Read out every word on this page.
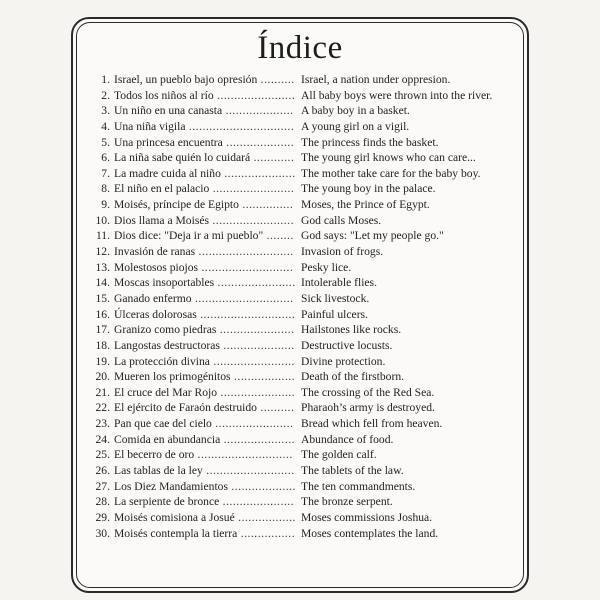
Índice
1. Israel, un pueblo bajo opresión .......... Israel, a nation under oppresion.
2. Todos los niños al río ....................... All baby boys were thrown into the river.
3. Un niño en una canasta .................... A baby boy in a basket.
4. Una niña vigila ............................... A young girl on a vigil.
5. Una princesa encuentra .................... The princess finds the basket.
6. La niña sabe quién lo cuidará ............ The young girl knows who can care...
7. La madre cuida al niño ..................... The mother take care for the baby boy.
8. El niño en el palacio ........................ The young boy in the palace.
9. Moisés, príncipe de Egipto ............... Moses, the Prince of Egypt.
10. Dios llama a Moisés ........................ God calls Moses.
11. Dios dice: "Deja ir a mi pueblo" ........ God says: "Let my people go."
12. Invasión de ranas ............................ Invasion of frogs.
13. Molestosos piojos ........................... Pesky lice.
14. Moscas insoportables ....................... Intolerable flies.
15. Ganado enfermo ............................. Sick livestock.
16. Úlceras dolorosas ............................ Painful ulcers.
17. Granizo como piedras ...................... Hailstones like rocks.
18. Langostas destructoras ..................... Destructive locusts.
19. La protección divina ........................ Divine protection.
20. Mueren los primogénitos .................. Death of the firstborn.
21. El cruce del Mar Rojo ...................... The crossing of the Red Sea.
22. El ejército de Faraón destruido .......... Pharaoh’s army is destroyed.
23. Pan que cae del cielo ....................... Bread which fell from heaven.
24. Comida en abundancia ..................... Abundance of food.
25. El becerro de oro ............................ The golden calf.
26. Las tablas de la ley .......................... The tablets of the law.
27. Los Diez Mandamientos ................... The ten commandments.
28. La serpiente de bronce ..................... The bronze serpent.
29. Moisés comisiona a Josué ................. Moses commissions Joshua.
30. Moisés contempla la tierra ................ Moses contemplates the land.
